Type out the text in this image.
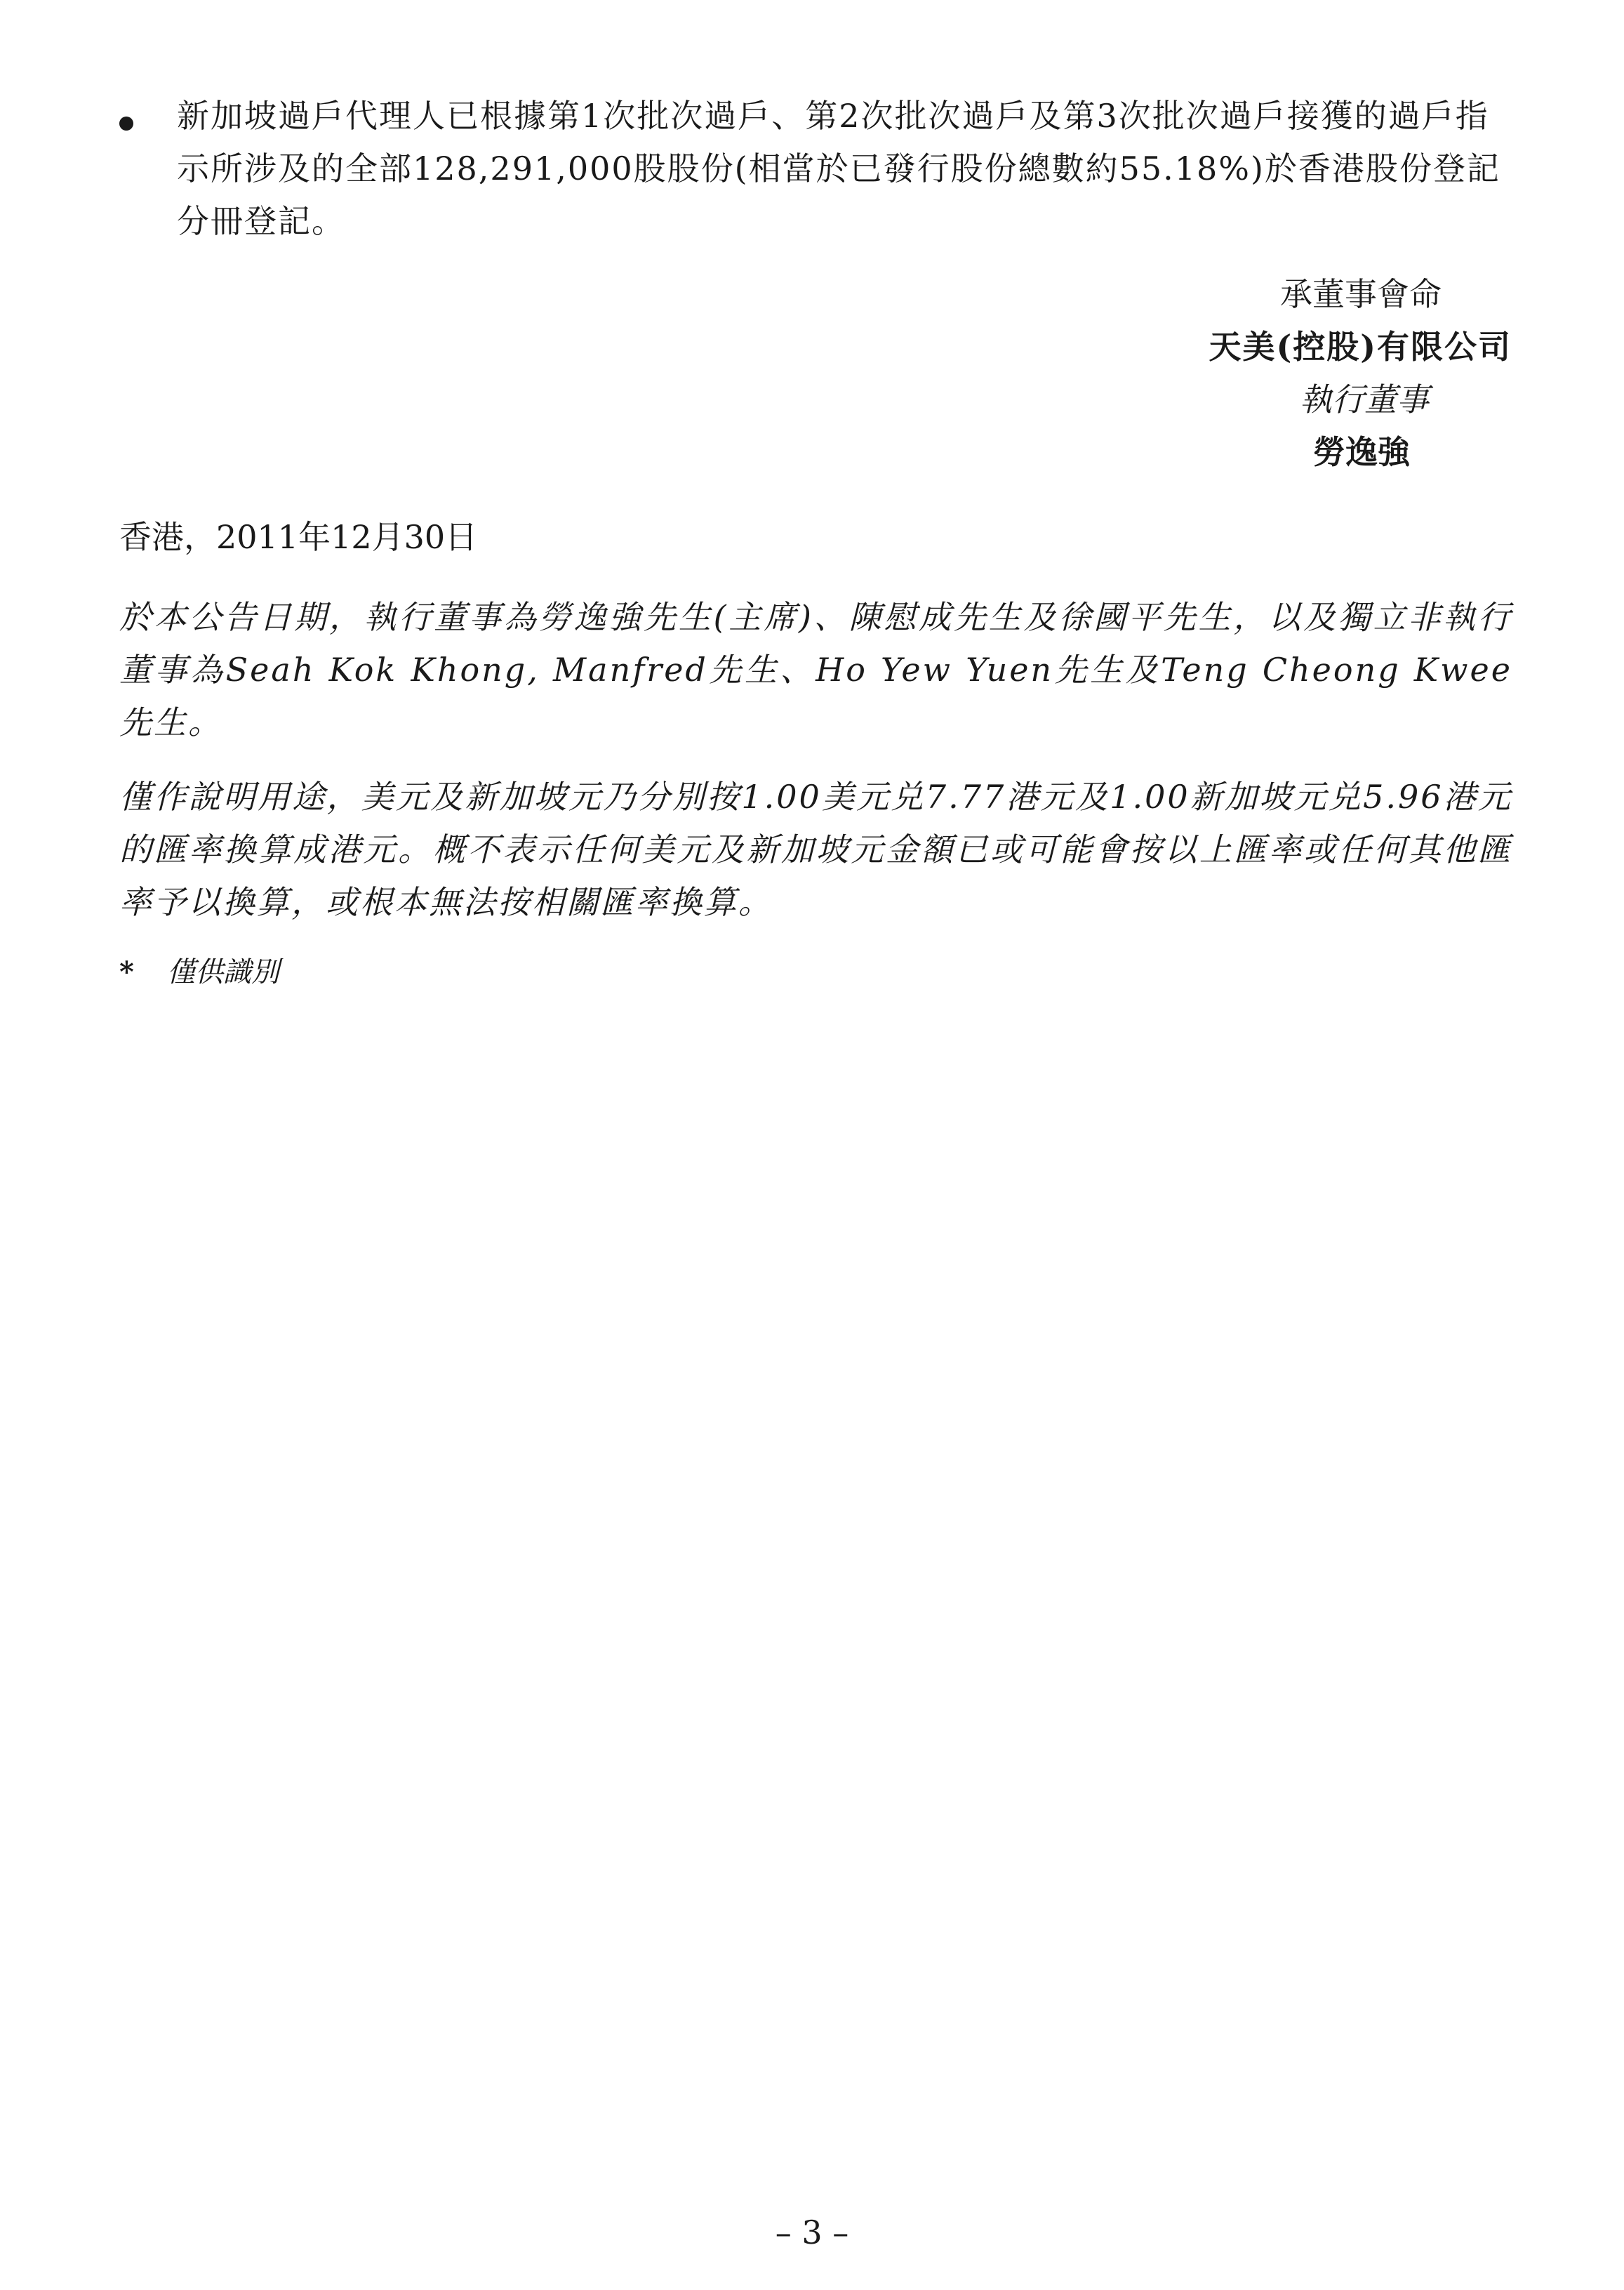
新加坡過戶代理人已根據第1次批次過戶、第2次批次過戶及第3次批次過戶接獲的過戶指示所涉及的全部128,291,000股股份(相當於已發行股份總數約55.18%)於香港股份登記分冊登記。
承董事會命
天美(控股)有限公司
執行董事
勞逸強
香港，2011年12月30日
於本公告日期，執行董事為勞逸強先生(主席)、陳慰成先生及徐國平先生，以及獨立非執行董事為Seah Kok Khong, Manfred先生、Ho Yew Yuen先生及Teng Cheong Kwee先生。
僅作說明用途，美元及新加坡元乃分別按1.00美元兑7.77港元及1.00新加坡元兑5.96港元的匯率換算成港元。概不表示任何美元及新加坡元金額已或可能會按以上匯率或任何其他匯率予以換算，或根本無法按相關匯率換算。
* 僅供識別
– 3 –
